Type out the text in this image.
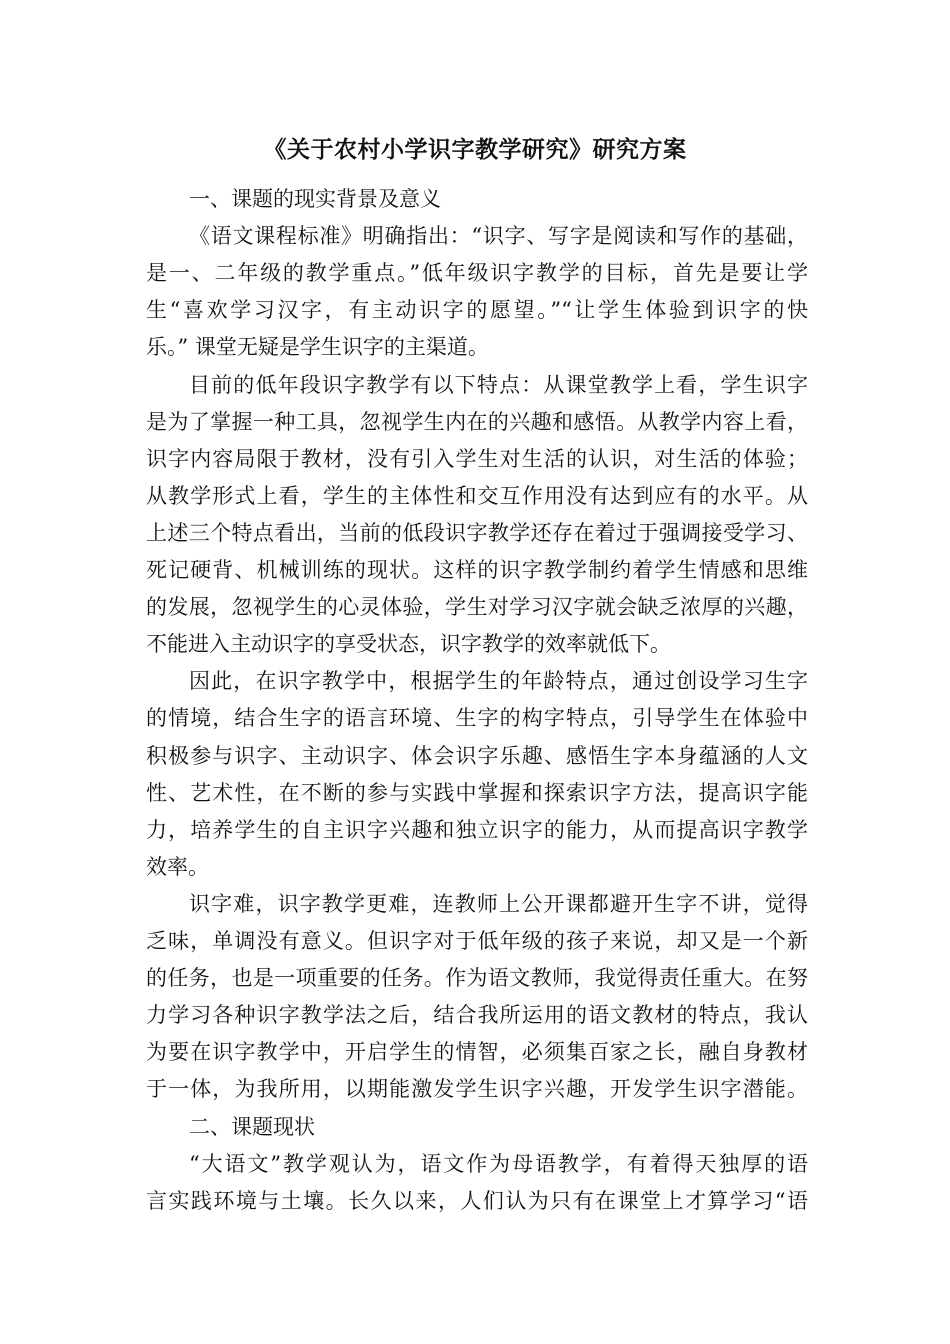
《关于农村小学识字教学研究》研究方案
一、课题的现实背景及意义
《语文课程标准》明确指出：“识字、写字是阅读和写作的基础，
是一、二年级的教学重点。”低年级识字教学的目标，首先是要让学
生“喜欢学习汉字，有主动识字的愿望。”“让学生体验到识字的快
乐。” 课堂无疑是学生识字的主渠道。
目前的低年段识字教学有以下特点：从课堂教学上看，学生识字
是为了掌握一种工具，忽视学生内在的兴趣和感悟。从教学内容上看，
识字内容局限于教材，没有引入学生对生活的认识，对生活的体验；
从教学形式上看，学生的主体性和交互作用没有达到应有的水平。从
上述三个特点看出，当前的低段识字教学还存在着过于强调接受学习、
死记硬背、机械训练的现状。这样的识字教学制约着学生情感和思维
的发展，忽视学生的心灵体验，学生对学习汉字就会缺乏浓厚的兴趣，
不能进入主动识字的享受状态，识字教学的效率就低下。
因此，在识字教学中，根据学生的年龄特点，通过创设学习生字
的情境，结合生字的语言环境、生字的构字特点，引导学生在体验中
积极参与识字、主动识字、体会识字乐趣、感悟生字本身蕴涵的人文
性、艺术性，在不断的参与实践中掌握和探索识字方法，提高识字能
力，培养学生的自主识字兴趣和独立识字的能力，从而提高识字教学
效率。
识字难，识字教学更难，连教师上公开课都避开生字不讲，觉得
乏味，单调没有意义。但识字对于低年级的孩子来说，却又是一个新
的任务，也是一项重要的任务。作为语文教师，我觉得责任重大。在努
力学习各种识字教学法之后，结合我所运用的语文教材的特点，我认
为要在识字教学中，开启学生的情智，必须集百家之长，融自身教材
于一体，为我所用，以期能激发学生识字兴趣，开发学生识字潜能。
二、课题现状
“大语文”教学观认为，语文作为母语教学，有着得天独厚的语
言实践环境与土壤。长久以来，人们认为只有在课堂上才算学习“语
